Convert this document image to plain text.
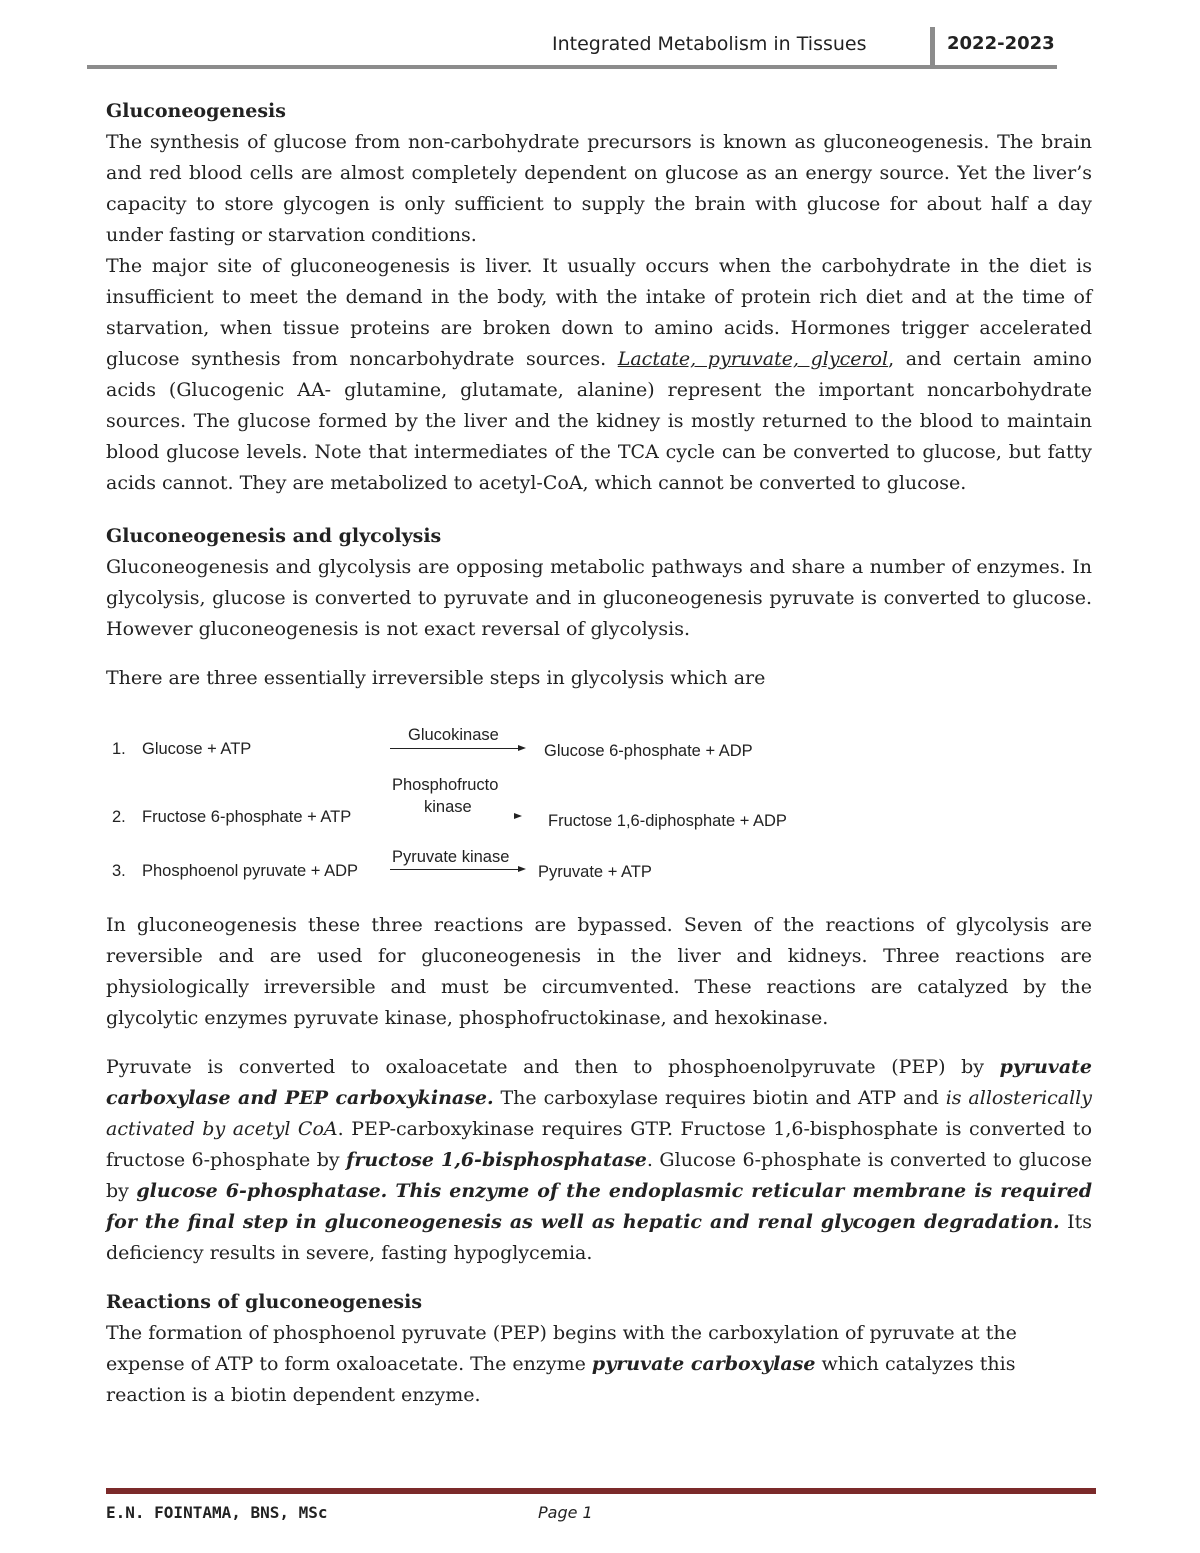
Integrated Metabolism in Tissues	2022-2023

Gluconeogenesis

The synthesis of glucose from non-carbohydrate precursors is known as gluconeogenesis. The brain and red blood cells are almost completely dependent on glucose as an energy source. Yet the liver’s capacity to store glycogen is only sufficient to supply the brain with glucose for about half a day under fasting or starvation conditions.

The major site of gluconeogenesis is liver. It usually occurs when the carbohydrate in the diet is insufficient to meet the demand in the body, with the intake of protein rich diet and at the time of starvation, when tissue proteins are broken down to amino acids. Hormones trigger accelerated glucose synthesis from noncarbohydrate sources. Lactate, pyruvate, glycerol, and certain amino acids (Glucogenic AA- glutamine, glutamate, alanine) represent the important noncarbohydrate sources. The glucose formed by the liver and the kidney is mostly returned to the blood to maintain blood glucose levels. Note that intermediates of the TCA cycle can be converted to glucose, but fatty acids cannot. They are metabolized to acetyl-CoA, which cannot be converted to glucose.

Gluconeogenesis and glycolysis

Gluconeogenesis and glycolysis are opposing metabolic pathways and share a number of enzymes. In glycolysis, glucose is converted to pyruvate and in gluconeogenesis pyruvate is converted to glucose. However gluconeogenesis is not exact reversal of glycolysis.

There are three essentially irreversible steps in glycolysis which are

1. Glucose + ATP
Glucokinase
Glucose 6-phosphate + ADP
2. Fructose 6-phosphate + ATP
Phosphofructo
kinase
Fructose 1,6-diphosphate + ADP
3. Phosphoenol pyruvate + ADP
Pyruvate kinase
Pyruvate + ATP

In gluconeogenesis these three reactions are bypassed. Seven of the reactions of glycolysis are reversible and are used for gluconeogenesis in the liver and kidneys. Three reactions are physiologically irreversible and must be circumvented. These reactions are catalyzed by the glycolytic enzymes pyruvate kinase, phosphofructokinase, and hexokinase.

Pyruvate is converted to oxaloacetate and then to phosphoenolpyruvate (PEP) by pyruvate carboxylase and PEP carboxykinase. The carboxylase requires biotin and ATP and is allosterically activated by acetyl CoA. PEP-carboxykinase requires GTP. Fructose 1,6-bisphosphate is converted to fructose 6-phosphate by fructose 1,6-bisphosphatase. Glucose 6-phosphate is converted to glucose by glucose 6-phosphatase. This enzyme of the endoplasmic reticular membrane is required for the final step in gluconeogenesis as well as hepatic and renal glycogen degradation. Its deficiency results in severe, fasting hypoglycemia.

Reactions of gluconeogenesis

The formation of phosphoenol pyruvate (PEP) begins with the carboxylation of pyruvate at the expense of ATP to form oxaloacetate. The enzyme pyruvate carboxylase which catalyzes this reaction is a biotin dependent enzyme.

E.N. FOINTAMA, BNS, MSc	Page 1
